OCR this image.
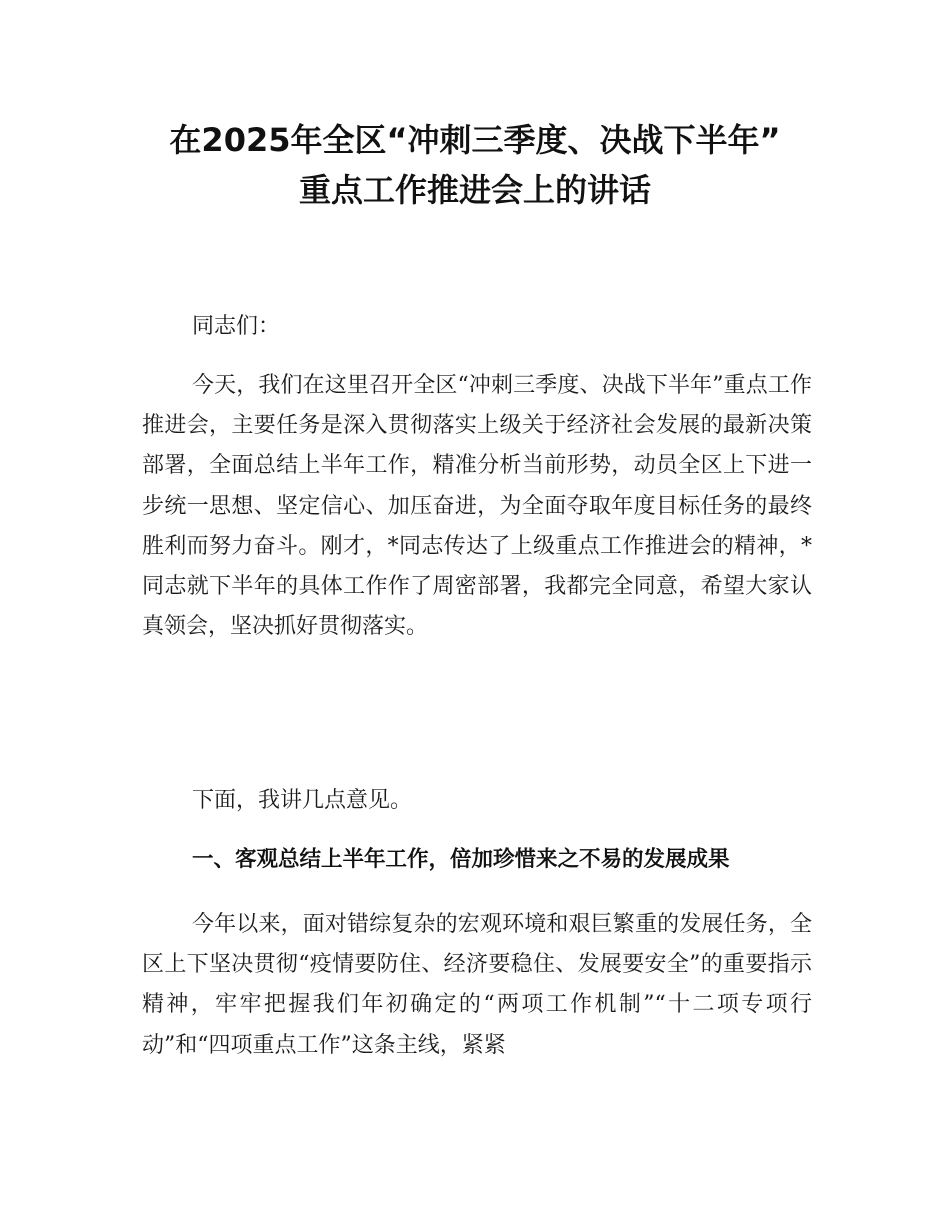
在2025年全区“冲刺三季度、决战下半年”
重点工作推进会上的讲话

同志们：

今天，我们在这里召开全区“冲刺三季度、决战下半年”重点工作推进会，主要任务是深入贯彻落实上级关于经济社会发展的最新决策部署，全面总结上半年工作，精准分析当前形势，动员全区上下进一步统一思想、坚定信心、加压奋进，为全面夺取年度目标任务的最终胜利而努力奋斗。刚才，*同志传达了上级重点工作推进会的精神，*同志就下半年的具体工作作了周密部署，我都完全同意，希望大家认真领会，坚决抓好贯彻落实。

下面，我讲几点意见。

一、客观总结上半年工作，倍加珍惜来之不易的发展成果

今年以来，面对错综复杂的宏观环境和艰巨繁重的发展任务，全区上下坚决贯彻“疫情要防住、经济要稳住、发展要安全”的重要指示精神，牢牢把握我们年初确定的“两项工作机制”“十二项专项行动”和“四项重点工作”这条主线，紧紧
